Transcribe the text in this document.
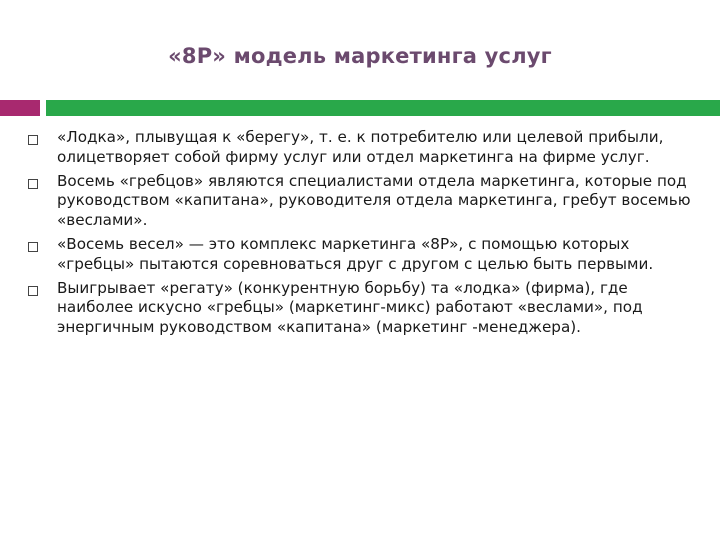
«8P» модель маркетинга услуг
«Лодка», плывущая к «берегу», т. е. к потребителю или целевой прибыли, олицетворяет собой фирму услуг или отдел маркетинга на фирме услуг.
Восемь «гребцов» являются специалистами отдела маркетинга, которые под руководством «капитана», руководителя отдела маркетинга, гребут восемью «веслами».
«Восемь весел» — это комплекс маркетинга «8Р», с помощью которых «гребцы» пытаются соревноваться друг с другом с целью быть первыми.
Выигрывает «регату» (конкурентную борьбу) та «лодка» (фирма), где наиболее искусно «гребцы» (маркетинг-микс) работают «веслами», под энергичным руководством «капитана» (маркетинг -менеджера).
